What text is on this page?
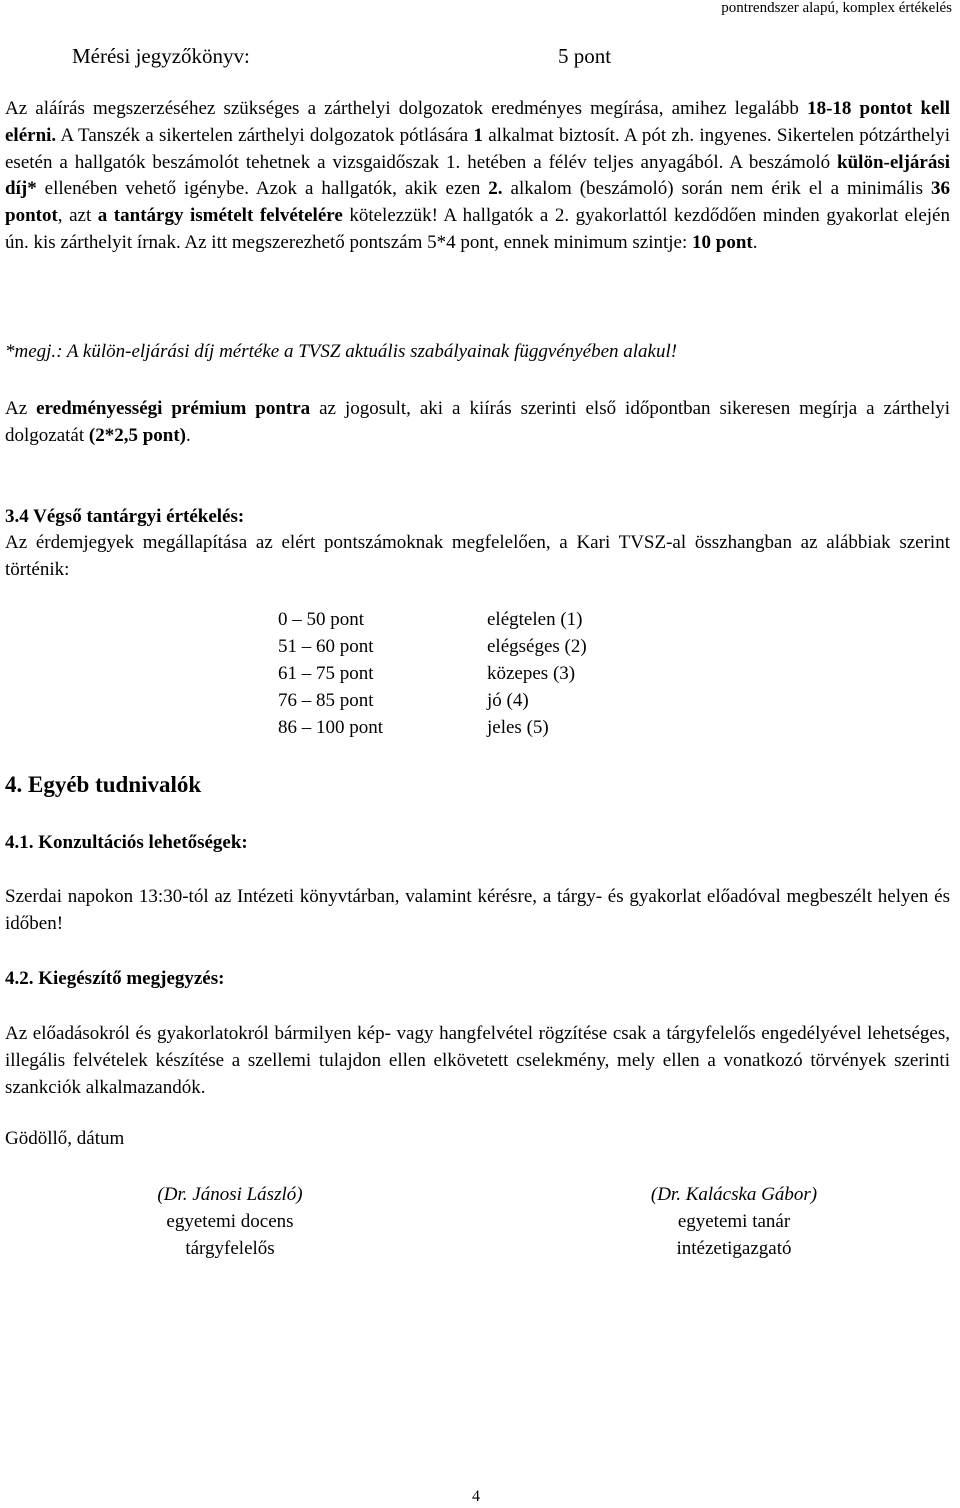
pontrendszer alapú, komplex értékelés
Mérési jegyzőkönyv:	5 pont

Az aláírás megszerzéséhez szükséges a zárthelyi dolgozatok eredményes megírása, amihez legalább 18-18 pontot kell elérni. A Tanszék a sikertelen zárthelyi dolgozatok pótlására 1 alkalmat biztosít. A pót zh. ingyenes. Sikertelen pótzárthelyi esetén a hallgatók beszámolót tehetnek a vizsgaidőszak 1. hetében a félév teljes anyagából. A beszámoló külön-eljárási díj* ellenében vehető igénybe. Azok a hallgatók, akik ezen 2. alkalom (beszámoló) során nem érik el a minimális 36 pontot, azt a tantárgy ismételt felvételére kötelezzük! A hallgatók a 2. gyakorlattól kezdődően minden gyakorlat elején ún. kis zárthelyit írnak. Az itt megszerezhető pontszám 5*4 pont, ennek minimum szintje: 10 pont.

*megj.: A külön-eljárási díj mértéke a TVSZ aktuális szabályainak függvényében alakul!

Az eredményességi prémium pontra az jogosult, aki a kiírás szerinti első időpontban sikeresen megírja a zárthelyi dolgozatát (2*2,5 pont).

3.4 Végső tantárgyi értékelés:

Az érdemjegyek megállapítása az elért pontszámoknak megfelelően, a Kari TVSZ-al összhangban az alábbiak szerint történik:

0 – 50 pont	elégtelen (1)
51 – 60 pont	elégséges (2)
61 – 75 pont	közepes (3)
76 – 85 pont	jó (4)
86 – 100 pont	jeles (5)
4. Egyéb tudnivalók
4.1. Konzultációs lehetőségek:

Szerdai napokon 13:30-tól az Intézeti könyvtárban, valamint kérésre, a tárgy- és gyakorlat előadóval megbeszélt helyen és időben!

4.2. Kiegészítő megjegyzés:

Az előadásokról és gyakorlatokról bármilyen kép- vagy hangfelvétel rögzítése csak a tárgyfelelős engedélyével lehetséges, illegális felvételek készítése a szellemi tulajdon ellen elkövetett cselekmény, mely ellen a vonatkozó törvények szerinti szankciók alkalmazandók.

Gödöllő, dátum
(Dr. Jánosi László)
egyetemi docens
tárgyfelelős
(Dr. Kalácska Gábor)
egyetemi tanár
intézetigazgató
4
